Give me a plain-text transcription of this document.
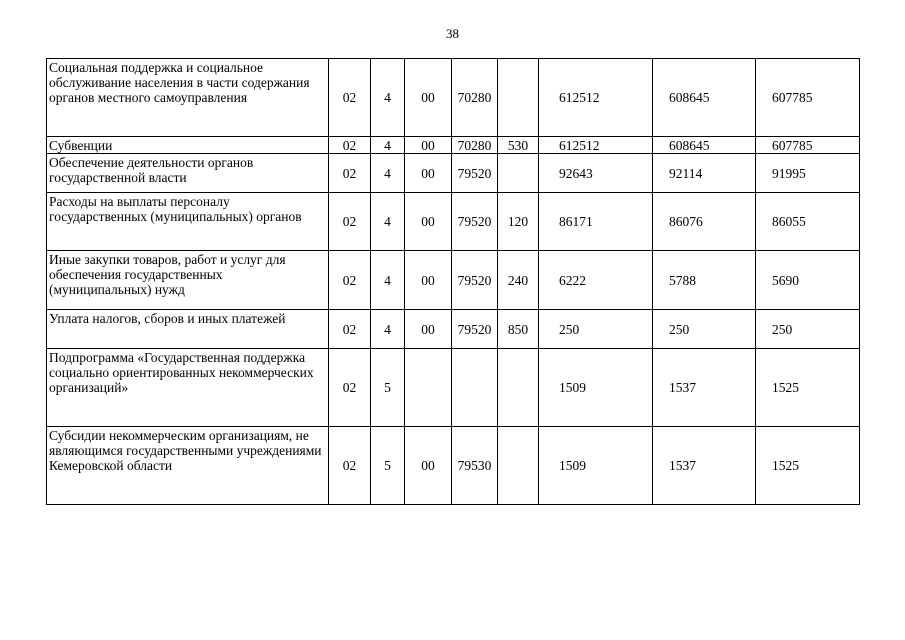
38
Социальная поддержка и социальное обслуживание населения в части содержания органов местного самоуправления	02	4	00	70280		612512	608645	607785
Субвенции	02	4	00	70280	530	612512	608645	607785
Обеспечение деятельности органов государственной власти	02	4	00	79520		92643	92114	91995
Расходы на выплаты персоналу государственных (муниципальных) органов	02	4	00	79520	120	86171	86076	86055
Иные закупки товаров, работ и услуг для обеспечения государственных (муниципальных) нужд	02	4	00	79520	240	6222	5788	5690
Уплата налогов, сборов и иных платежей	02	4	00	79520	850	250	250	250
Подпрограмма «Государственная поддержка социально ориентированных некоммерческих организаций»	02	5				1509	1537	1525
Субсидии некоммерческим организациям, не являющимся государственными учреждениями Кемеровской области	02	5	00	79530		1509	1537	1525
